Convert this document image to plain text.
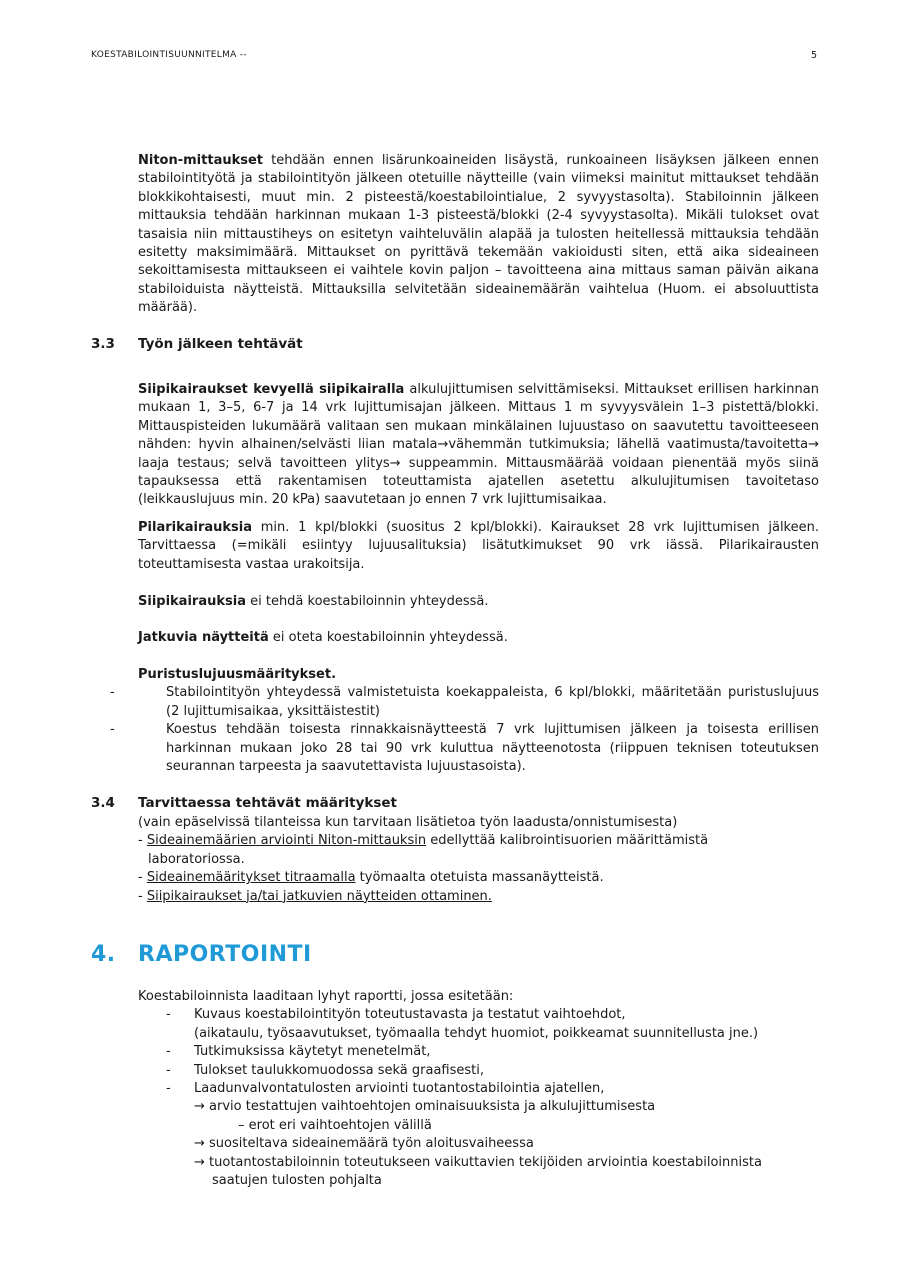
KOESTABILOINTISUUNNITELMA --	5

Niton-mittaukset tehdään ennen lisärunkoaineiden lisäystä, runkoaineen lisäyksen jälkeen ennen stabilointityötä ja stabilointityön jälkeen otetuille näytteille (vain viimeksi mainitut mittaukset tehdään blokkikohtaisesti, muut min. 2 pisteestä/koestabilointialue, 2 syvyystasolta). Stabiloinnin jälkeen mittauksia tehdään harkinnan mukaan 1-3 pisteestä/blokki (2-4 syvyystasolta). Mikäli tulokset ovat tasaisia niin mittaustiheys on esitetyn vaihteluvälin alapää ja tulosten heitellessä mittauksia tehdään esitetty maksimimäärä. Mittaukset on pyrittävä tekemään vakioidusti siten, että aika sideaineen sekoittamisesta mittaukseen ei vaihtele kovin paljon – tavoitteena aina mittaus saman päivän aikana stabiloiduista näytteistä. Mittauksilla selvitetään sideainemäärän vaihtelua (Huom. ei absoluuttista määrää).

3.3 Työn jälkeen tehtävät

Siipikairaukset kevyellä siipikairalla alkulujittumisen selvittämiseksi. Mittaukset erillisen harkinnan mukaan 1, 3–5, 6-7 ja 14 vrk lujittumisajan jälkeen. Mittaus 1 m syvyysvälein 1–3 pistettä/blokki. Mittauspisteiden lukumäärä valitaan sen mukaan minkälainen lujuustaso on saavutettu tavoitteeseen nähden: hyvin alhainen/selvästi liian matala→vähemmän tutkimuksia; lähellä vaatimusta/tavoitetta→ laaja testaus; selvä tavoitteen ylitys→ suppeammin. Mittausmäärää voidaan pienentää myös siinä tapauksessa että rakentamisen toteuttamista ajatellen asetettu alkulujitumisen tavoitetaso (leikkauslujuus min. 20 kPa) saavutetaan jo ennen 7 vrk lujittumisaikaa.

Pilarikairauksia min. 1 kpl/blokki (suositus 2 kpl/blokki). Kairaukset 28 vrk lujittumisen jälkeen. Tarvittaessa (=mikäli esiintyy lujuusalituksia) lisätutkimukset 90 vrk iässä. Pilarikairausten toteuttamisesta vastaa urakoitsija.

Siipikairauksia ei tehdä koestabiloinnin yhteydessä.

Jatkuvia näytteitä ei oteta koestabiloinnin yhteydessä.

Puristuslujuusmääritykset.

-	Stabilointityön yhteydessä valmistetuista koekappaleista, 6 kpl/blokki, määritetään puristuslujuus (2 lujittumisaikaa, yksittäistestit)
-	Koestus tehdään toisesta rinnakkaisnäytteestä 7 vrk lujittumisen jälkeen ja toisesta erillisen harkinnan mukaan joko 28 tai 90 vrk kuluttua näytteenotosta (riippuen teknisen toteutuksen seurannan tarpeesta ja saavutettavista lujuustasoista).
3.4 Tarvittaessa tehtävät määritykset

(vain epäselvissä tilanteissa kun tarvitaan lisätietoa työn laadusta/onnistumisesta)

- Sideainemäärien arviointi Niton-mittauksin edellyttää kalibrointisuorien määrittämistä

laboratoriossa.

- Sideainemääritykset titraamalla työmaalta otetuista massanäytteistä.

- Siipikairaukset ja/tai jatkuvien näytteiden ottaminen.

4. RAPORTOINTI

Koestabiloinnista laaditaan lyhyt raportti, jossa esitetään:

- Kuvaus koestabilointityön toteutustavasta ja testatut vaihtoehdot,
(aikataulu, työsaavutukset, työmaalla tehdyt huomiot, poikkeamat suunnitellusta jne.)
- Tutkimuksissa käytetyt menetelmät,
- Tulokset taulukkomuodossa sekä graafisesti,
- Laadunvalvontatulosten arviointi tuotantostabilointia ajatellen,
→ arvio testattujen vaihtoehtojen ominaisuuksista ja alkulujittumisesta
– erot eri vaihtoehtojen välillä
→ suositeltava sideainemäärä työn aloitusvaiheessa
→ tuotantostabiloinnin toteutukseen vaikuttavien tekijöiden arviointia koestabiloinnista
saatujen tulosten pohjalta
